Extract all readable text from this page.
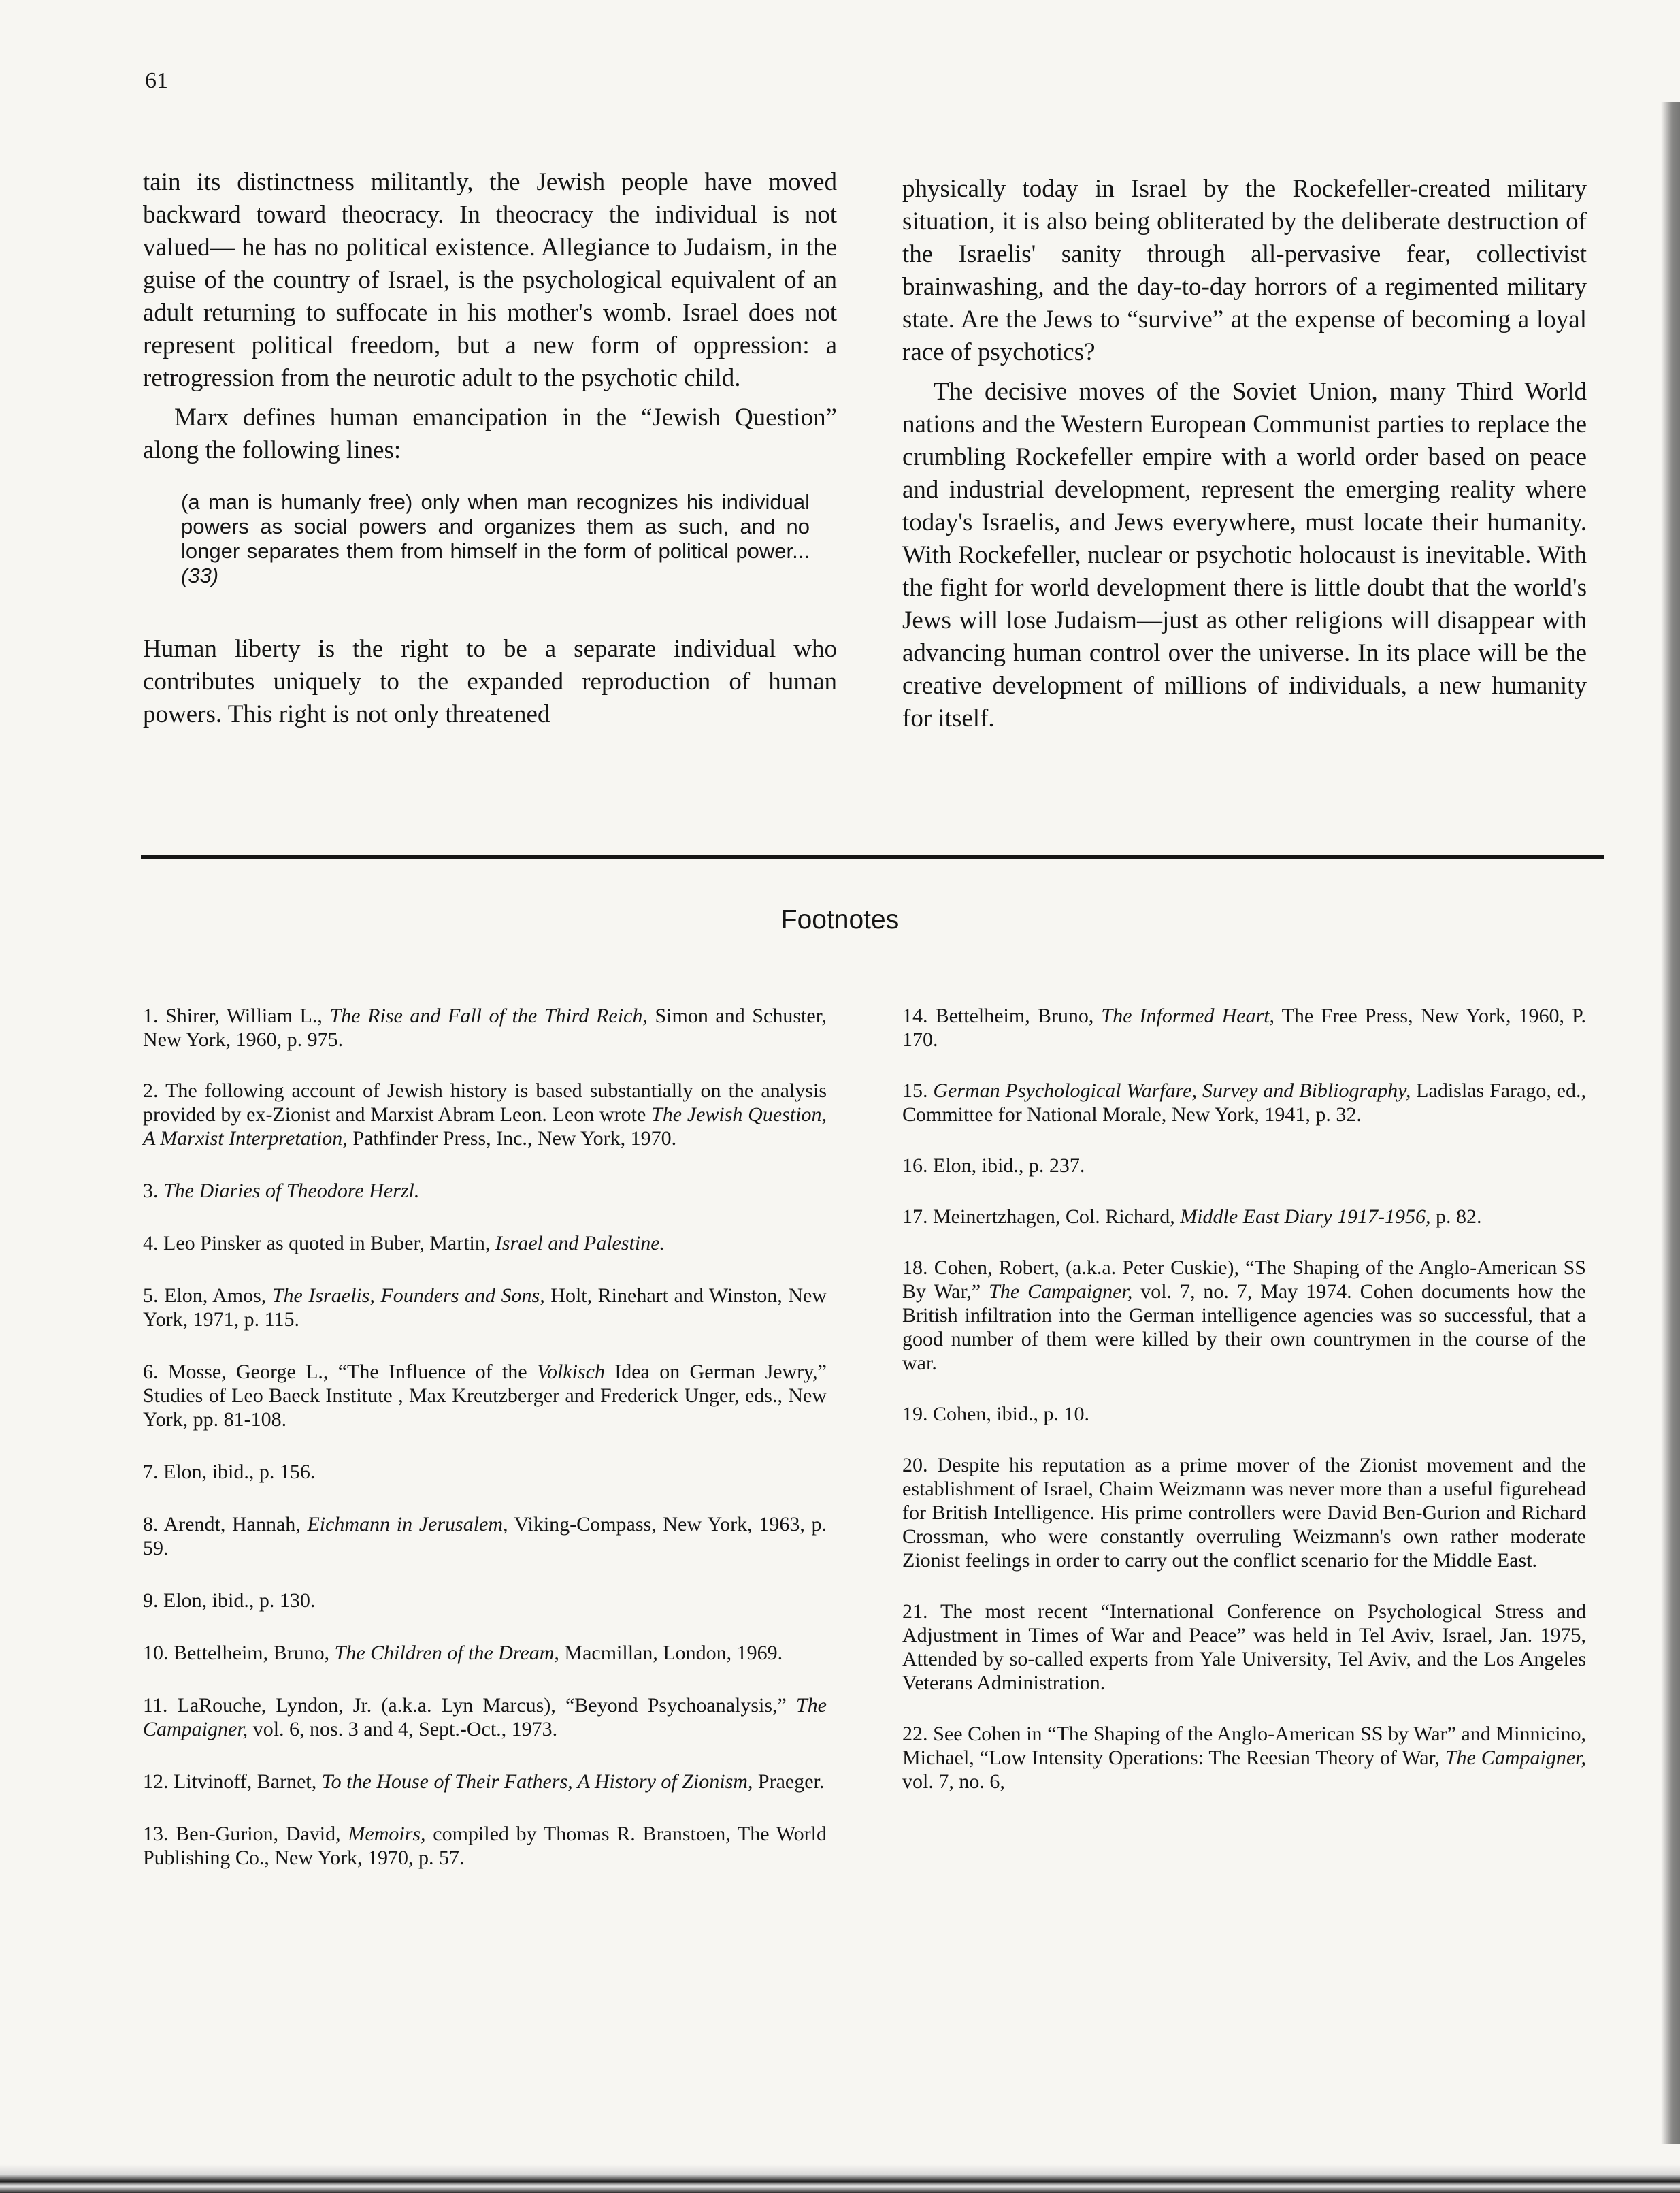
61

tain its distinctness militantly, the Jewish people have moved backward toward theocracy. In theocracy the individual is not valued— he has no political existence. Allegiance to Judaism, in the guise of the country of Israel, is the psychological equivalent of an adult returning to suffocate in his mother's womb. Israel does not represent political freedom, but a new form of oppression: a retrogression from the neurotic adult to the psychotic child.

Marx defines human emancipation in the “Jewish Question” along the following lines:

(a man is humanly free) only when man recognizes his individual powers as social powers and organizes them as such, and no longer separates them from himself in the form of political power...(33)

Human liberty is the right to be a separate individual who contributes uniquely to the expanded reproduction of human powers. This right is not only threatened

physically today in Israel by the Rockefeller-created military situation, it is also being obliterated by the deliberate destruction of the Israelis' sanity through all-pervasive fear, collectivist brainwashing, and the day-to-day horrors of a regimented military state. Are the Jews to “survive” at the expense of becoming a loyal race of psychotics?

The decisive moves of the Soviet Union, many Third World nations and the Western European Communist parties to replace the crumbling Rockefeller empire with a world order based on peace and industrial development, represent the emerging reality where today's Israelis, and Jews everywhere, must locate their humanity. With Rockefeller, nuclear or psychotic holocaust is inevitable. With the fight for world development there is little doubt that the world's Jews will lose Judaism—just as other religions will disappear with advancing human control over the universe. In its place will be the creative development of millions of individuals, a new humanity for itself.

Footnotes

1. Shirer, William L., The Rise and Fall of the Third Reich, Simon and Schuster, New York, 1960, p. 975.

2. The following account of Jewish history is based substantially on the analysis provided by ex-Zionist and Marxist Abram Leon. Leon wrote The Jewish Question, A Marxist Interpretation, Pathfinder Press, Inc., New York, 1970.

3. The Diaries of Theodore Herzl.

4. Leo Pinsker as quoted in Buber, Martin, Israel and Palestine.

5. Elon, Amos, The Israelis, Founders and Sons, Holt, Rinehart and Winston, New York, 1971, p. 115.

6. Mosse, George L., “The Influence of the Volkisch Idea on German Jewry,” Studies of Leo Baeck Institute , Max Kreutzberger and Frederick Unger, eds., New York, pp. 81-108.

7. Elon, ibid., p. 156.

8. Arendt, Hannah, Eichmann in Jerusalem, Viking-Compass, New York, 1963, p. 59.

9. Elon, ibid., p. 130.

10. Bettelheim, Bruno, The Children of the Dream, Macmillan, London, 1969.

11. LaRouche, Lyndon, Jr. (a.k.a. Lyn Marcus), “Beyond Psychoanalysis,” The Campaigner, vol. 6, nos. 3 and 4, Sept.-Oct., 1973.

12. Litvinoff, Barnet, To the House of Their Fathers, A History of Zionism, Praeger.

13. Ben-Gurion, David, Memoirs, compiled by Thomas R. Branstoen, The World Publishing Co., New York, 1970, p. 57.

14. Bettelheim, Bruno, The Informed Heart, The Free Press, New York, 1960, P. 170.

15. German Psychological Warfare, Survey and Bibliography, Ladislas Farago, ed., Committee for National Morale, New York, 1941, p. 32.

16. Elon, ibid., p. 237.

17. Meinertzhagen, Col. Richard, Middle East Diary 1917-1956, p. 82.

18. Cohen, Robert, (a.k.a. Peter Cuskie), “The Shaping of the Anglo-American SS By War,” The Campaigner, vol. 7, no. 7, May 1974. Cohen documents how the British infiltration into the German intelligence agencies was so successful, that a good number of them were killed by their own countrymen in the course of the war.

19. Cohen, ibid., p. 10.

20. Despite his reputation as a prime mover of the Zionist movement and the establishment of Israel, Chaim Weizmann was never more than a useful figurehead for British Intelligence. His prime controllers were David Ben-Gurion and Richard Crossman, who were constantly overruling Weizmann's own rather moderate Zionist feelings in order to carry out the conflict scenario for the Middle East.

21. The most recent “International Conference on Psychological Stress and Adjustment in Times of War and Peace” was held in Tel Aviv, Israel, Jan. 1975, Attended by so-called experts from Yale University, Tel Aviv, and the Los Angeles Veterans Administration.

22. See Cohen in “The Shaping of the Anglo-American SS by War” and Minnicino, Michael, “Low Intensity Operations: The Reesian Theory of War, The Campaigner, vol. 7, no. 6,
